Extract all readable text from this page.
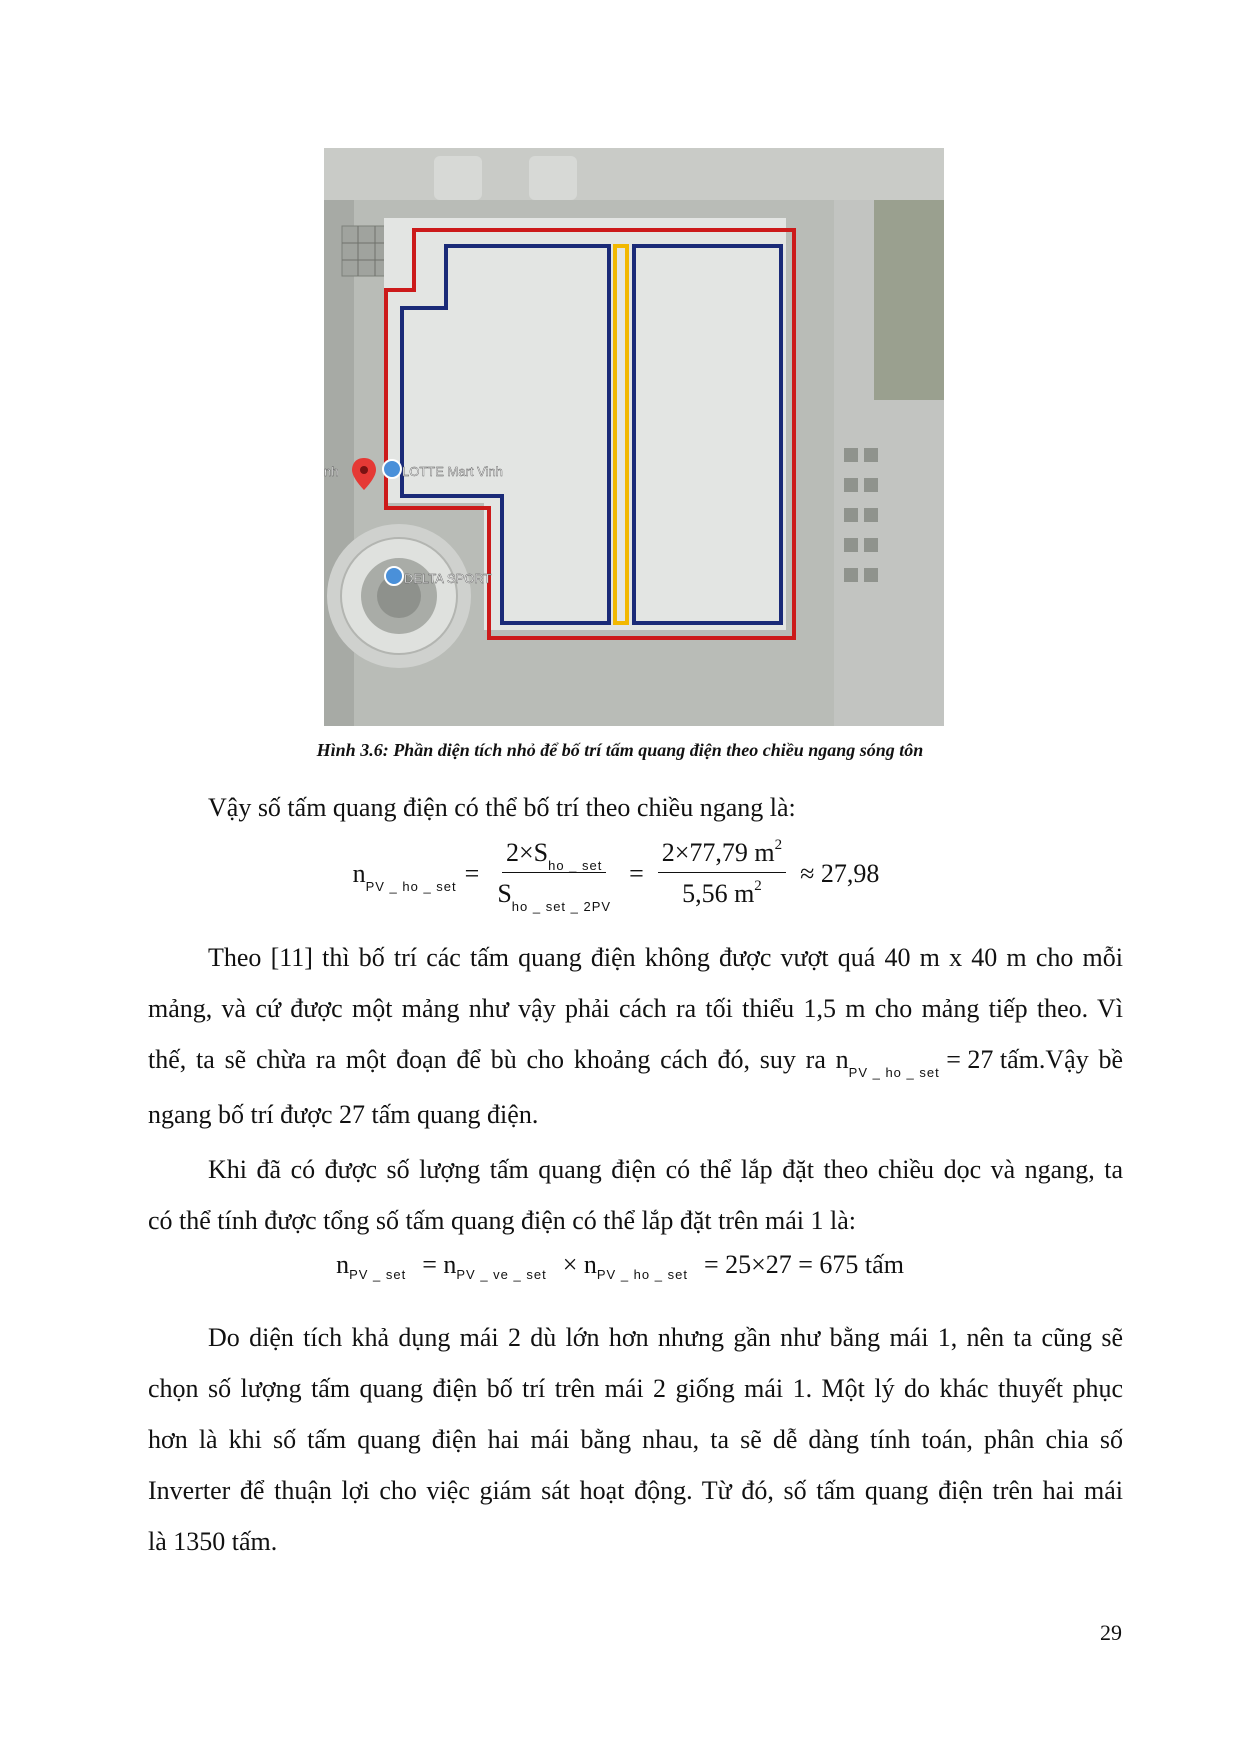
nh	LOTTE Mart Vinh
DELTA SPORT
Hình 3.6: Phần diện tích nhỏ để bố trí tấm quang điện theo chiều ngang sóng tôn
Vậy số tấm quang điện có thể bố trí theo chiều ngang là:
$n_{PV \_ ho \_ set} = \frac{2\times S_{ho \_ set}}{S_{ho \_ set \_ 2PV}} = \frac{2\times 77,79 m^2}{5,56 m^2} \approx 27,98$
Theo [11] thì bố trí các tấm quang điện không được vượt quá 40 m x 40 m cho mỗi
mảng, và cứ được một mảng như vậy phải cách ra tối thiểu 1,5 m cho mảng tiếp theo. Vì
thế, ta sẽ chừa ra một đoạn để bù cho khoảng cách đó, suy ra $n_{PV \_ ho \_ set} = 27$ tấm.Vậy bề
ngang bố trí được 27 tấm quang điện.
Khi đã có được số lượng tấm quang điện có thể lắp đặt theo chiều dọc và ngang, ta
có thể tính được tổng số tấm quang điện có thể lắp đặt trên mái 1 là:
n PV _ set = n PV _ ve _ set × n PV _ ho _ set = 25×27 = 675 tấm
Do diện tích khả dụng mái 2 dù lớn hơn nhưng gần như bằng mái 1, nên ta cũng sẽ
chọn số lượng tấm quang điện bố trí trên mái 2 giống mái 1. Một lý do khác thuyết phục
hơn là khi số tấm quang điện hai mái bằng nhau, ta sẽ dễ dàng tính toán, phân chia số
Inverter để thuận lợi cho việc giám sát hoạt động. Từ đó, số tấm quang điện trên hai mái
là 1350 tấm.
29
